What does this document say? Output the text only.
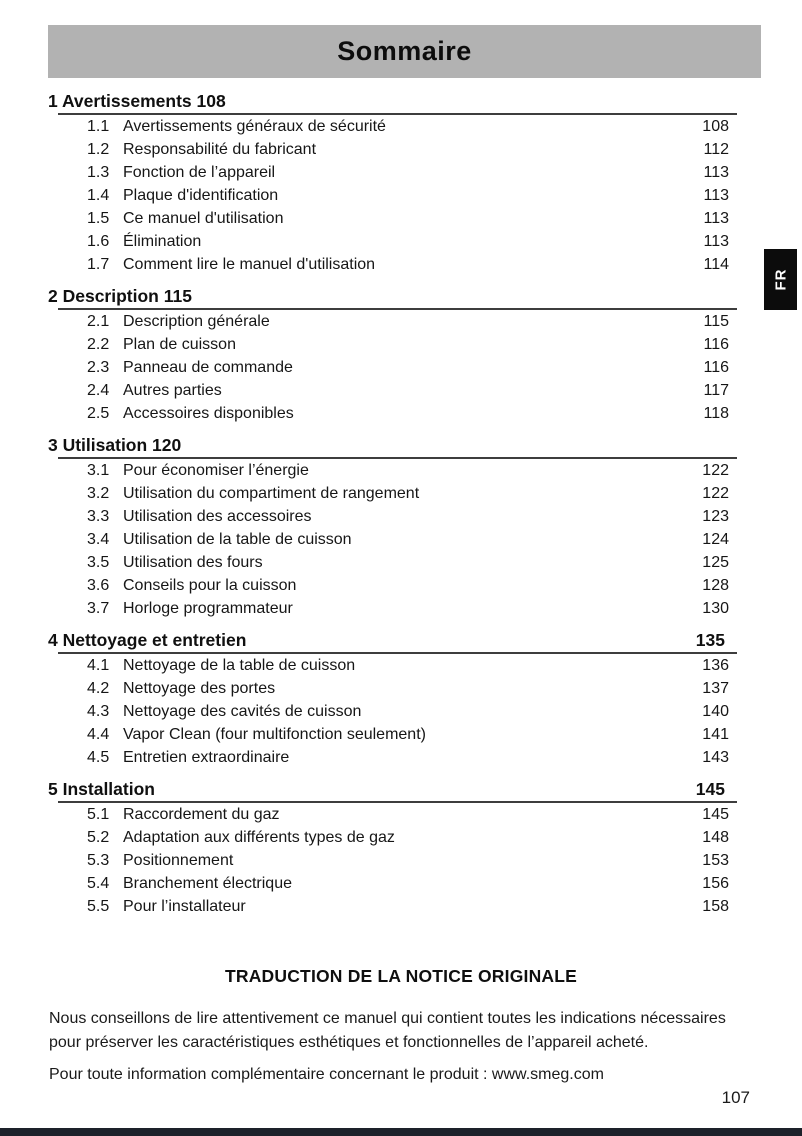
Sommaire
FR
1 Avertissements 108
1.1 Avertissements généraux de sécurité	108
1.2 Responsabilité du fabricant	112
1.3 Fonction de l’appareil	113
1.4 Plaque d'identification	113
1.5 Ce manuel d'utilisation	113
1.6 Élimination	113
1.7 Comment lire le manuel d'utilisation	114
2 Description 115
2.1 Description générale	115
2.2 Plan de cuisson	116
2.3 Panneau de commande	116
2.4 Autres parties	117
2.5 Accessoires disponibles	118
3 Utilisation 120
3.1 Pour économiser l’énergie	122
3.2 Utilisation du compartiment de rangement	122
3.3 Utilisation des accessoires	123
3.4 Utilisation de la table de cuisson	124
3.5 Utilisation des fours	125
3.6 Conseils pour la cuisson	128
3.7 Horloge programmateur	130
4 Nettoyage et entretien	135
4.1 Nettoyage de la table de cuisson	136
4.2 Nettoyage des portes	137
4.3 Nettoyage des cavités de cuisson	140
4.4 Vapor Clean (four multifonction seulement)	141
4.5 Entretien extraordinaire	143
5 Installation	145
5.1 Raccordement du gaz	145
5.2 Adaptation aux différents types de gaz	148
5.3 Positionnement	153
5.4 Branchement électrique	156
5.5 Pour l’installateur	158
TRADUCTION DE LA NOTICE ORIGINALE

Nous conseillons de lire attentivement ce manuel qui contient toutes les indications nécessaires pour préserver les caractéristiques esthétiques et fonctionnelles de l’appareil acheté.

Pour toute information complémentaire concernant le produit : www.smeg.com

107
